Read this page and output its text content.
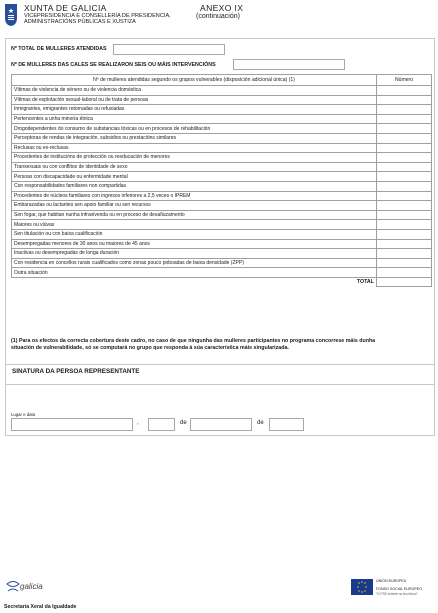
XUNTA DE GALICIA
VICEPRESIDENCIA E CONSELLERÍA DE PRESIDENCIA,
ADMINISTRACIÓNS PÚBLICAS E XUSTIZA
ANEXO IX
(continuación)
Nº TOTAL DE MULLERES ATENDIDAS
Nº DE MULLERES DAS CALES SE REALIZARON SEIS OU MÁIS INTERVENCIÓNS
Nº de mulleres atendidas segundo os grupos vulnerables (disposición adicional única) (1)	Número
Vítimas de violencia de xénero ou de violencia doméstica	
Vítimas de explotación sexual-laboral ou de trata de persoas	
Inmigrantes, emigrantes retornadas ou refuxiadas	
Pertencentes a unha minoría étnica	
Drogodependentes do consumo de substancias tóxicas ou en procesos de rehabilitación	
Perceptoras de rendas de integración, subsidios ou prestacións similares	
Reclusas ou ex-reclusas	
Procedentes de institucións de protección ou reeducación de menores	
Transexuais ou con conflitos de identidade de sexo	
Persoas con discapacidade ou enfermidade mental	
Con responsabilidades familiares non compartidas	
Procedentes de núcleos familiares con ingresos inferiores a 2,5 veces o IPREM	
Embarazadas ou lactantes sen apoio familiar ou sen recursos	
Sen fogar, que habitan nunha infravivenda ou en proceso de desafiuzamento	
Maiores ou viúvas	
Sen titulación ou con baixa cualificación	
Desempregadas menores de 30 anos ou maiores de 45 anos	
Inactivas ou desempregadas de longa duración	
Con residencia en concellos rurais cualificados como zonas pouco poboadas de baixa densidade (ZPP)	
Outra situación	
TOTAL	
(1) Para os efectos da correcta cobertura deste cadro, no caso de que ningunha das mulleres participantes no programa concorrese máis dunha
situación de vulnerabilidade, só se computará no grupo que responda á súa característica máis singularizada.
SINATURA DA PERSOA REPRESENTANTE
Lugar e data
,	de	de
galicia
UNIÓN EUROPEA
FONDO SOCIAL EUROPEO
"O FSE invierte no teu futuro"
Secretaría Xeral da Igualdade
